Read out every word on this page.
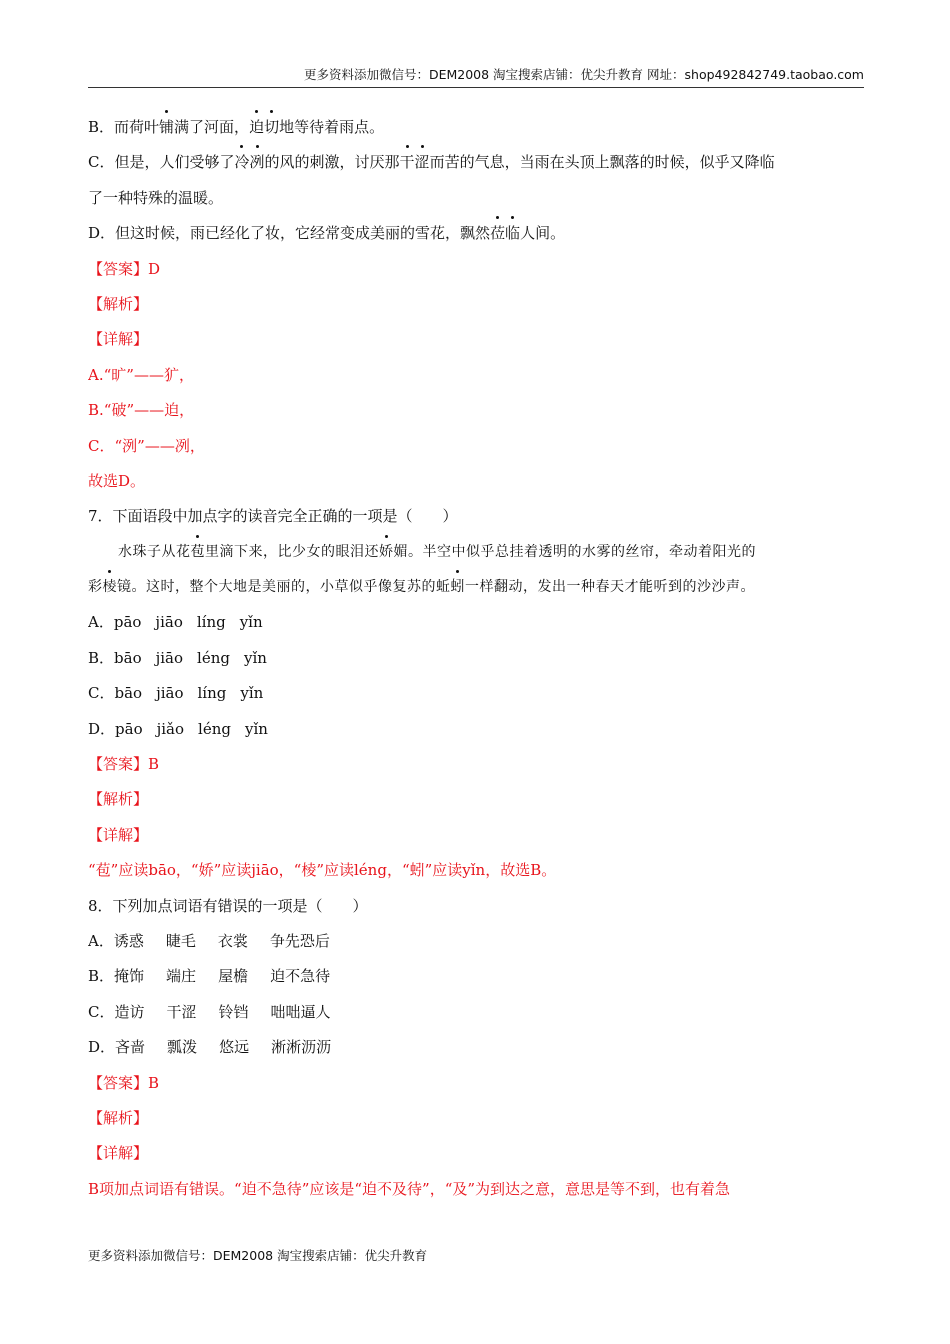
更多资料添加微信号：DEM2008 淘宝搜索店铺：优尖升教育 网址：shop492842749.taobao.com
B．而荷叶铺满了河面，迫切地等待着雨点。
C．但是，人们受够了冷冽的风的刺激，讨厌那干涩而苦的气息，当雨在头顶上飘落的时候，似乎又降临
了一种特殊的温暖。
D．但这时候，雨已经化了妆，它经常变成美丽的雪花，飘然莅临人间。
【答案】D
【解析】
【详解】
A.“旷”——犷，
B.“破”——迫，
C．“洌”——冽，
故选D。
7．下面语段中加点字的读音完全正确的一项是（　　）
水珠子从花苞里滴下来，比少女的眼泪还娇媚。半空中似乎总挂着透明的水雾的丝帘，牵动着阳光的
彩棱镜。这时，整个大地是美丽的，小草似乎像复苏的蚯蚓一样翻动，发出一种春天才能听到的沙沙声。
A．pāo jiāo líng yǐn
B．bāo jiāo léng yǐn
C．bāo jiāo líng yǐn
D．pāo jiǎo léng yǐn
【答案】B
【解析】
【详解】
“苞”应读bāo，“娇”应读jiāo，“棱”应读léng，“蚓”应读yǐn，故选B。
8．下列加点词语有错误的一项是（　　）
A．诱惑 睫毛 衣裳 争先恐后
B．掩饰 端庄 屋檐 迫不急待
C．造访 干涩 铃铛 咄咄逼人
D．吝啬 瓢泼 悠远 淅淅沥沥
【答案】B
【解析】
【详解】
B项加点词语有错误。“迫不急待”应该是“迫不及待”，“及”为到达之意，意思是等不到，也有着急
更多资料添加微信号：DEM2008 淘宝搜索店铺：优尖升教育
